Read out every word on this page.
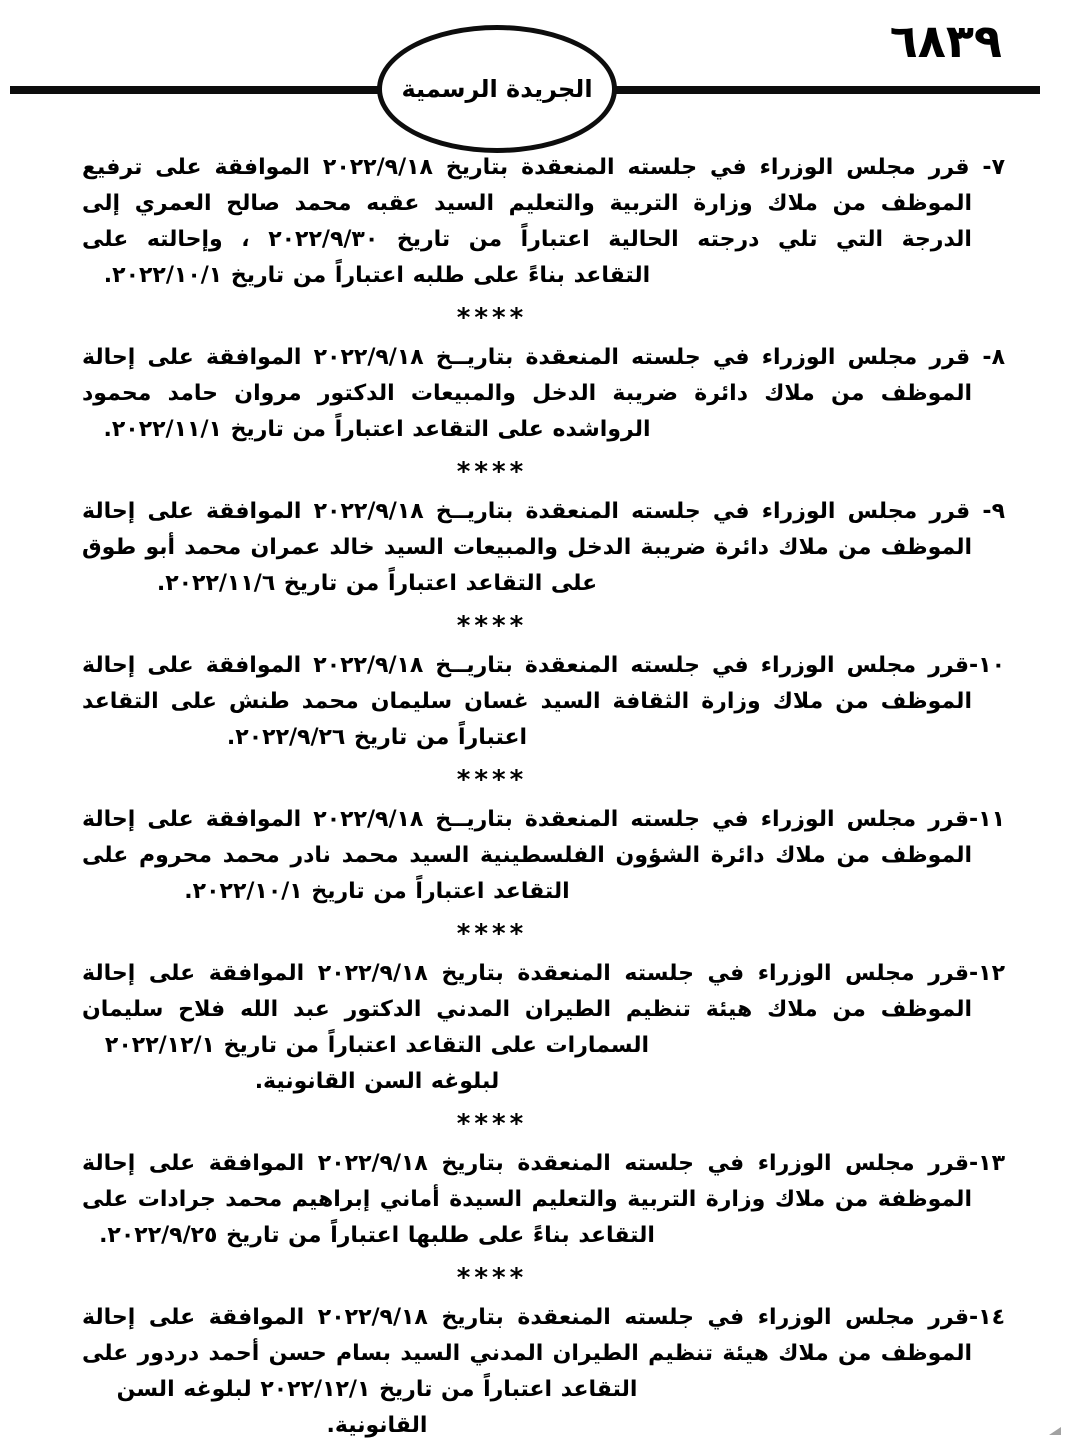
الجريدة الرسمية
٦٨٣٩
٧- قرر مجلس الوزراء في جلسته المنعقدة بتاريخ ٢٠٢٢/٩/١٨ الموافقة على ترفيع
الموظف من ملاك وزارة التربية والتعليم السيد عقبه محمد صالح العمري إلى
الدرجة التي تلي درجته الحالية اعتباراً من تاريخ ٢٠٢٢/٩/٣٠ ، وإحالته على
التقاعد بناءً على طلبه اعتباراً من تاريخ ٢٠٢٢/١٠/١.
****
٨- قرر مجلس الوزراء في جلسته المنعقدة بتاريــخ ٢٠٢٢/٩/١٨ الموافقة على إحالة
الموظف من ملاك دائرة ضريبة الدخل والمبيعات الدكتور مروان حامد محمود
الرواشده على التقاعد اعتباراً من تاريخ ٢٠٢٢/١١/١.
****
٩- قرر مجلس الوزراء في جلسته المنعقدة بتاريــخ ٢٠٢٢/٩/١٨ الموافقة على إحالة
الموظف من ملاك دائرة ضريبة الدخل والمبيعات السيد خالد عمران محمد أبو طوق
على التقاعد اعتباراً من تاريخ ٢٠٢٢/١١/٦.
****
١٠-قرر مجلس الوزراء في جلسته المنعقدة بتاريــخ ٢٠٢٢/٩/١٨ الموافقة على إحالة
الموظف من ملاك وزارة الثقافة السيد غسان سليمان محمد طنش على التقاعد
اعتباراً من تاريخ ٢٠٢٢/٩/٢٦.
****
١١-قرر مجلس الوزراء في جلسته المنعقدة بتاريــخ ٢٠٢٢/٩/١٨ الموافقة على إحالة
الموظف من ملاك دائرة الشؤون الفلسطينية السيد محمد نادر محمد محروم على
التقاعد اعتباراً من تاريخ ٢٠٢٢/١٠/١.
****
١٢-قرر مجلس الوزراء في جلسته المنعقدة بتاريخ ٢٠٢٢/٩/١٨ الموافقة على إحالة
الموظف من ملاك هيئة تنظيم الطيران المدني الدكتور عبد الله فلاح سليمان
السمارات على التقاعد اعتباراً من تاريخ ٢٠٢٢/١٢/١ لبلوغه السن القانونية.
****
١٣-قرر مجلس الوزراء في جلسته المنعقدة بتاريخ ٢٠٢٢/٩/١٨ الموافقة على إحالة
الموظفة من ملاك وزارة التربية والتعليم السيدة أماني إبراهيم محمد جرادات على
التقاعد بناءً على طلبها اعتباراً من تاريخ ٢٠٢٢/٩/٢٥.
****
١٤-قرر مجلس الوزراء في جلسته المنعقدة بتاريخ ٢٠٢٢/٩/١٨ الموافقة على إحالة
الموظف من ملاك هيئة تنظيم الطيران المدني السيد بسام حسن أحمد دردور على
التقاعد اعتباراً من تاريخ ٢٠٢٢/١٢/١ لبلوغه السن القانونية.
